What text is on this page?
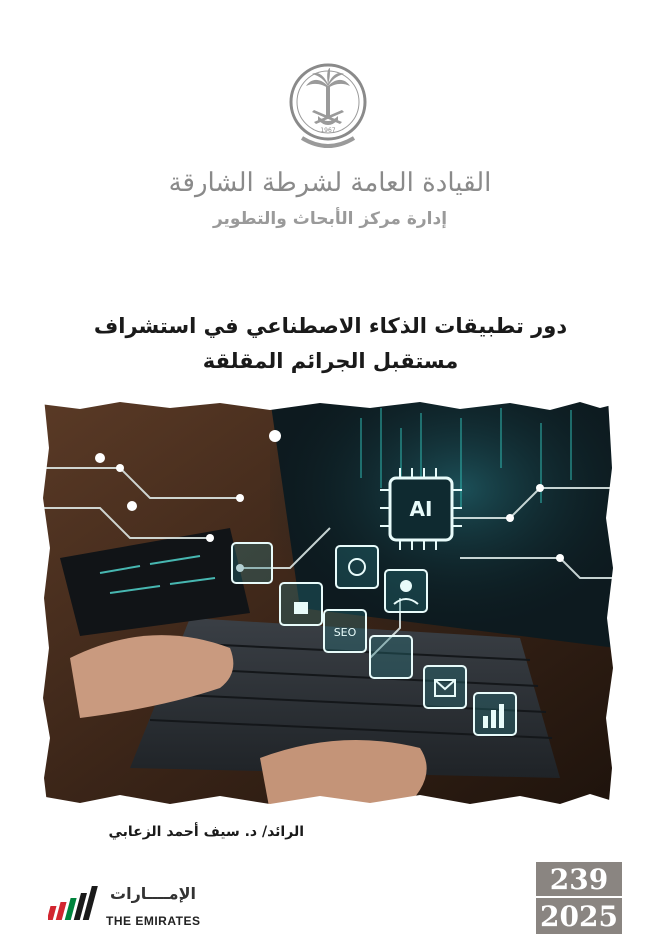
1967
القيادة العامة لشرطة الشارقة
إدارة مركز الأبحاث والتطوير
دور تطبيقات الذكاء الاصطناعي في استشراف
مستقبل الجرائم المقلقة
AI
SEO
الرائد/ د. سيف أحمد الزعابي
الإمــــارات
THE EMIRATES
239
2025
